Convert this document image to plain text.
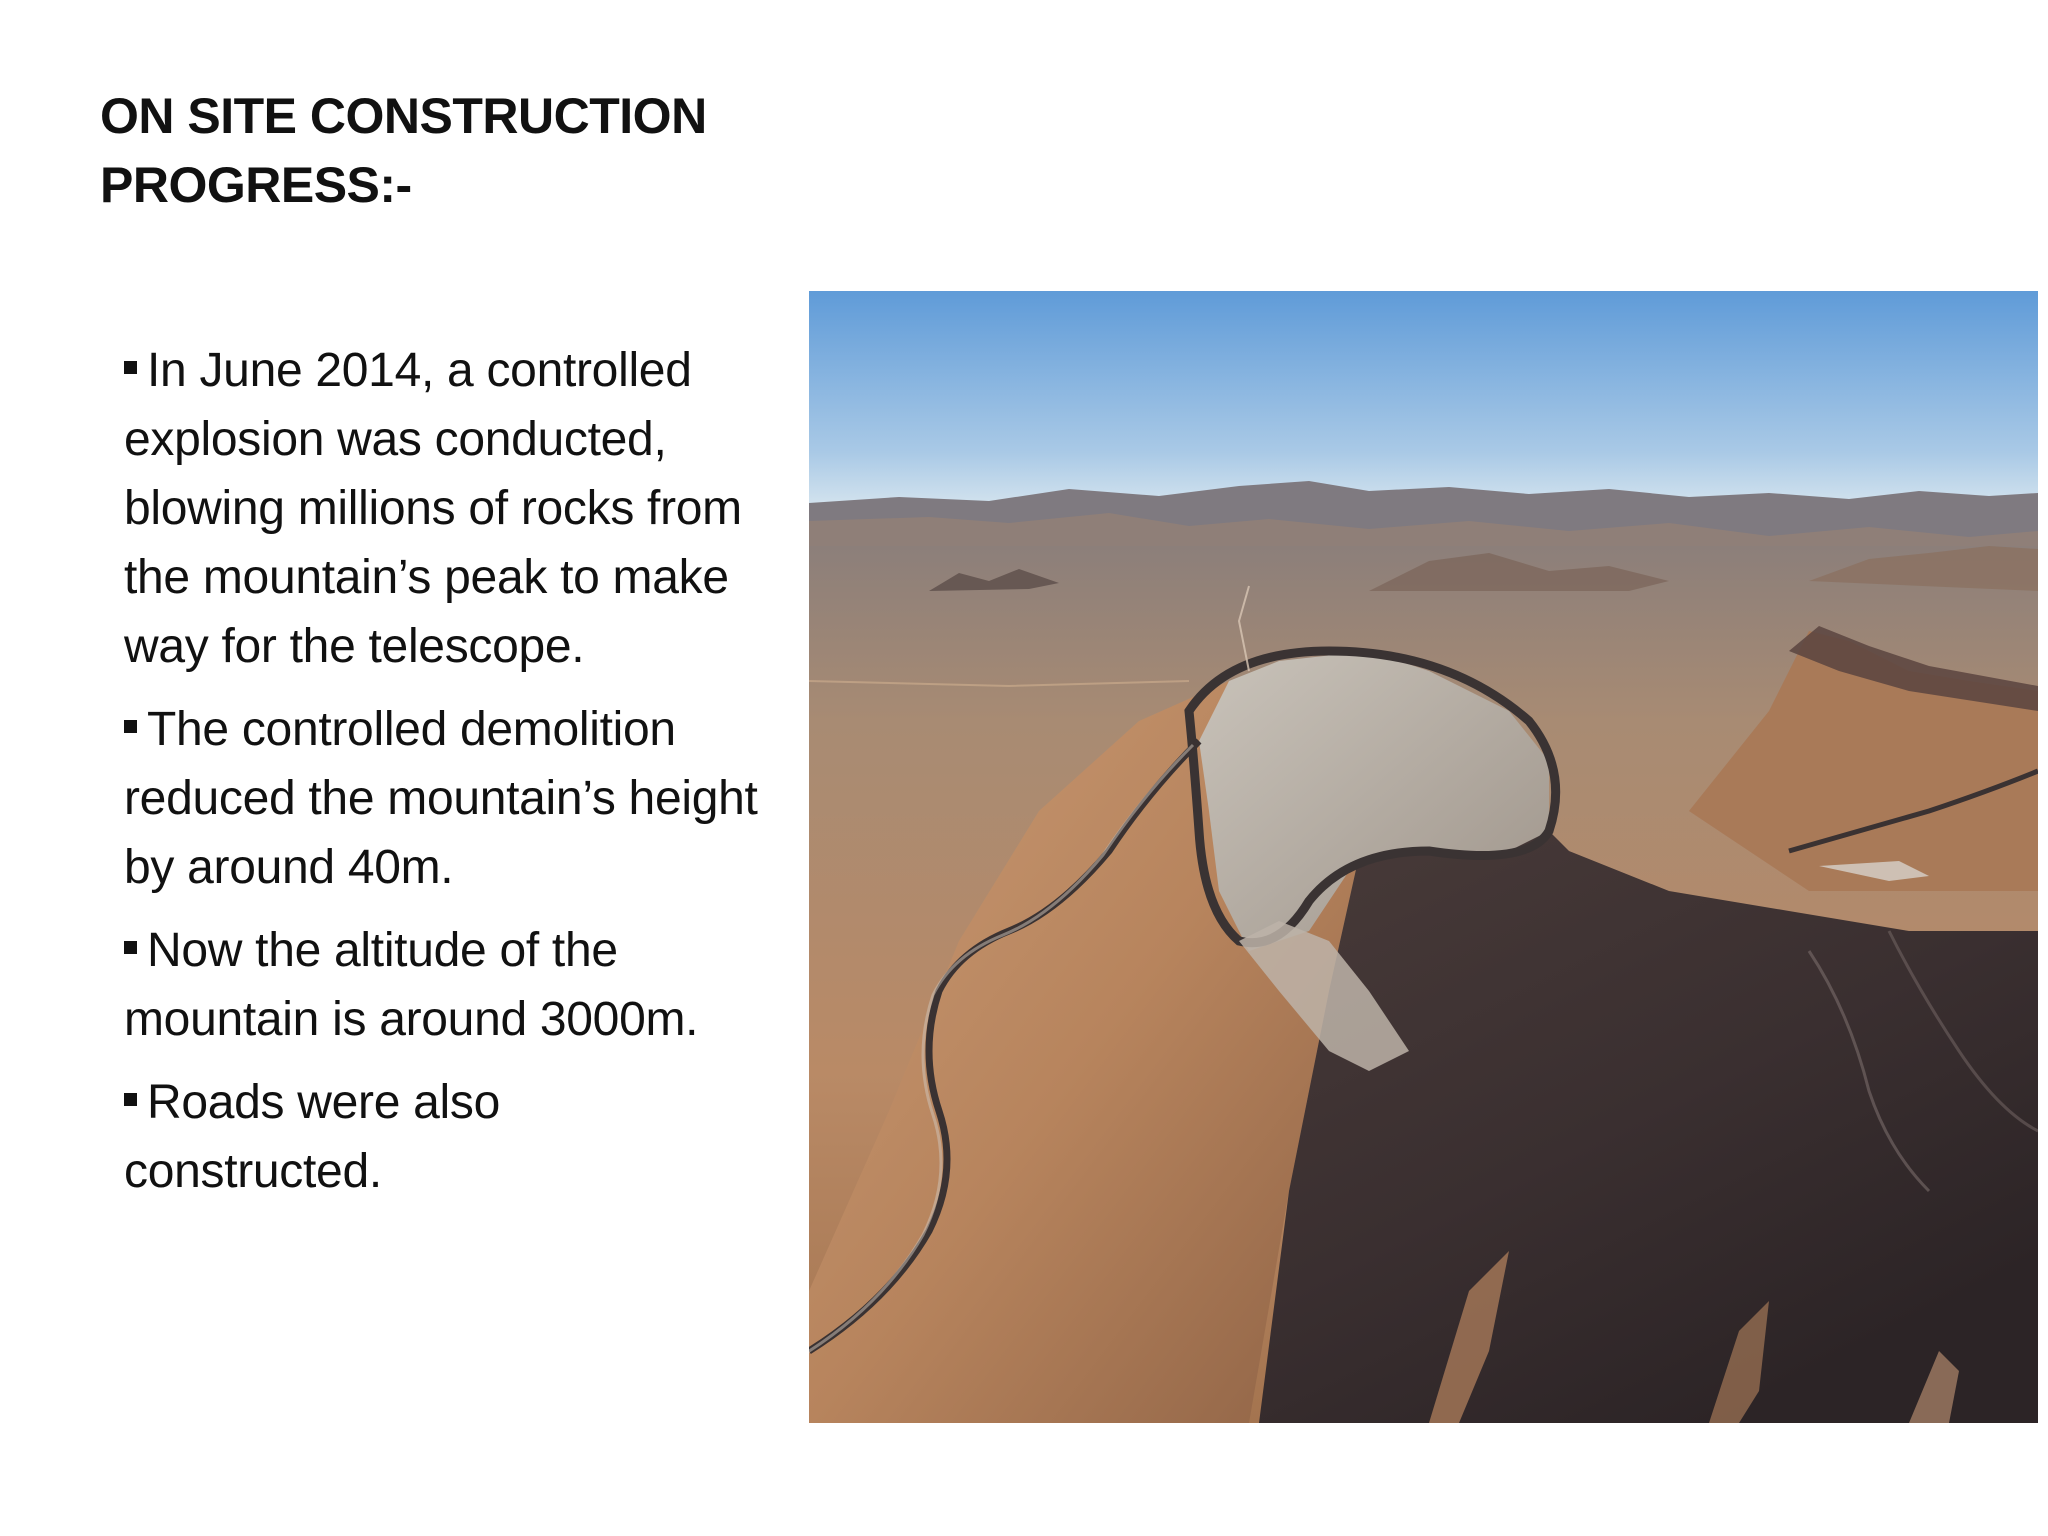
ON SITE CONSTRUCTION PROGRESS:-
In June 2014, a controlled explosion was conducted, blowing millions of rocks from the mountain’s peak to make way for the telescope.
The controlled demolition reduced the mountain’s height by around 40m.
Now the altitude of the mountain is around 3000m.
Roads were also constructed.
